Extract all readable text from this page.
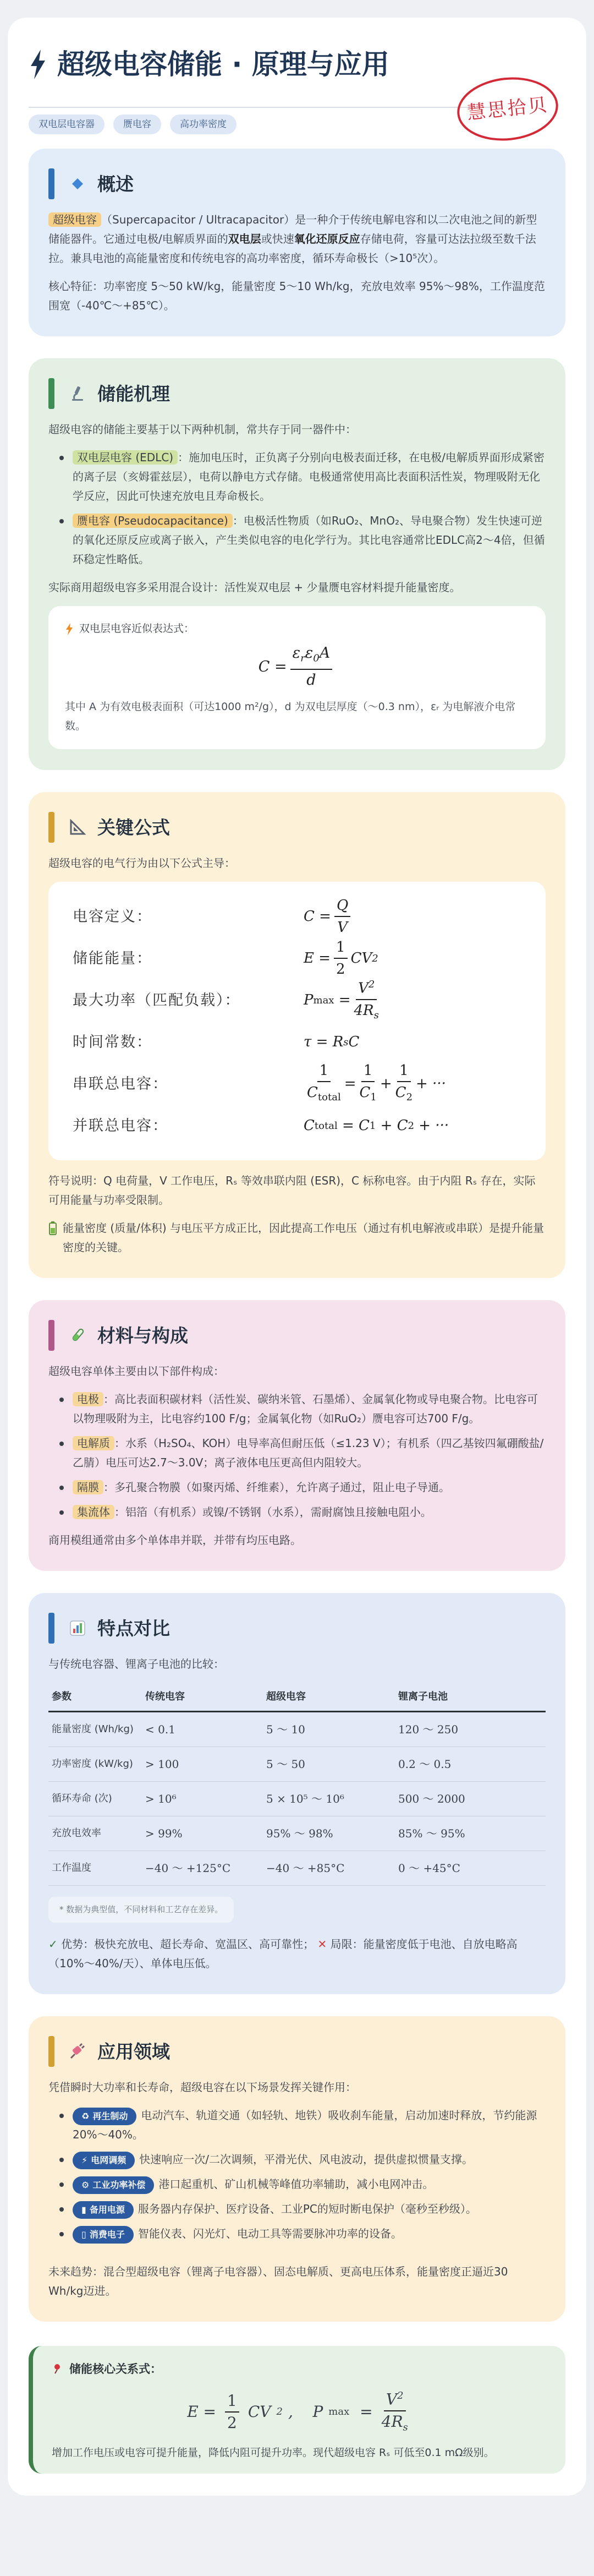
超级电容储能 · 原理与应用
双电层电容器	赝电容	高功率密度
慧思拾贝
概述

超级电容 （Supercapacitor / Ultracapacitor）是一种介于传统电解电容和以二次电池之间的新型储能器件。它通过电极/电解质界面的双电层或快速氧化还原反应存储电荷，容量可达法拉级至数千法拉。兼具电池的高能量密度和传统电容的高功率密度，循环寿命极长（>10⁵次）。

核心特征：功率密度 5～50 kW/kg，能量密度 5～10 Wh/kg，充放电效率 95%～98%，工作温度范围宽（-40℃～+85℃）。

储能机理

超级电容的储能主要基于以下两种机制，常共存于同一器件中：

双电层电容 (EDLC) ：施加电压时，正负离子分别向电极表面迁移，在电极/电解质界面形成紧密的离子层（亥姆霍兹层），电荷以静电方式存储。电极通常使用高比表面积活性炭，物理吸附无化学反应，因此可快速充放电且寿命极长。
赝电容 (Pseudocapacitance) ：电极活性物质（如RuO₂、MnO₂、导电聚合物）发生快速可逆的氧化还原反应或离子嵌入，产生类似电容的电化学行为。其比电容通常比EDLC高2～4倍，但循环稳定性略低。

实际商用超级电容多采用混合设计：活性炭双电层 + 少量赝电容材料提升能量密度。

双电层电容近似表达式：
$C = \frac{\varepsilon_r\varepsilon_0A}{d}$
其中 A 为有效电极表面积（可达1000 m²/g），d 为双电层厚度（～0.3 nm），εᵣ 为电解液介电常数。
关键公式

超级电容的电气行为由以下公式主导：

电容定义：	$C = \frac{Q}{V}$
储能能量：	$E = \frac{1}{2}$ CV 2
最大功率（匹配负载）：	P $\max = \frac{V^2}{4R_s}$
时间常数：	τ = R s C
串联总电容：	$\frac{1}{C_{total}} = \frac{1}{C_1} + \frac{1}{C_2}$ + ···
并联总电容：	C total = C 1 + C 2 + ···

符号说明：Q 电荷量，V 工作电压，Rₛ 等效串联内阻 (ESR)，C 标称电容。由于内阻 Rₛ 存在，实际可用能量与功率受限制。

能量密度 (质量/体积) 与电压平方成正比，因此提高工作电压（通过有机电解液或串联）是提升能量密度的关键。

材料与构成

超级电容单体主要由以下部件构成：

电极 ：高比表面积碳材料（活性炭、碳纳米管、石墨烯）、金属氧化物或导电聚合物。比电容可以物理吸附为主，比电容约100 F/g；金属氧化物（如RuO₂）赝电容可达700 F/g。
电解质 ：水系（H₂SO₄、KOH）电导率高但耐压低（≤1.23 V）；有机系（四乙基铵四氟硼酸盐/乙腈）电压可达2.7～3.0V；离子液体电压更高但内阻较大。
隔膜 ：多孔聚合物膜（如聚丙烯、纤维素），允许离子通过，阻止电子导通。
集流体 ：铝箔（有机系）或镍/不锈钢（水系），需耐腐蚀且接触电阻小。

商用模组通常由多个单体串并联，并带有均压电路。

特点对比

与传统电容器、锂离子电池的比较：

参数	传统电容	超级电容	锂离子电池
能量密度 (Wh/kg)	< 0.1	5 ～ 10	120 ～ 250
功率密度 (kW/kg)	> 100	5 ～ 50	0.2 ～ 0.5
循环寿命 (次)	> 10⁶	5 × 10⁵ ～ 10⁶	500 ～ 2000
充放电效率	> 99%	95% ～ 98%	85% ～ 95%
工作温度	−40 ～ +125°C	−40 ～ +85°C	0 ～ +45°C
* 数据为典型值，不同材料和工艺存在差异。

✓ 优势：极快充放电、超长寿命、宽温区、高可靠性； ✕ 局限：能量密度低于电池、自放电略高（10%～40%/天）、单体电压低。

应用领域

凭借瞬时大功率和长寿命，超级电容在以下场景发挥关键作用：

♻ 再生制动 电动汽车、轨道交通（如轻轨、地铁）吸收刹车能量，启动加速时释放，节约能源20%～40%。
⚡ 电网调频 快速响应一次/二次调频，平滑光伏、风电波动，提供虚拟惯量支撑。
⚙ 工业功率补偿 港口起重机、矿山机械等峰值功率辅助，减小电网冲击。
▮ 备用电源 服务器内存保护、医疗设备、工业PC的短时断电保护（毫秒至秒级）。
▯ 消费电子 智能仪表、闪光灯、电动工具等需要脉冲功率的设备。

未来趋势：混合型超级电容（锂离子电容器）、固态电解质、更高电压体系，能量密度正逼近30 Wh/kg迈进。

储能核心关系式：
$E = \frac{1}{2}$ CV 2 ,    P $\max = \frac{V^2}{4R_s}$
增加工作电压或电容可提升能量，降低内阻可提升功率。现代超级电容 Rₛ 可低至0.1 mΩ级别。
